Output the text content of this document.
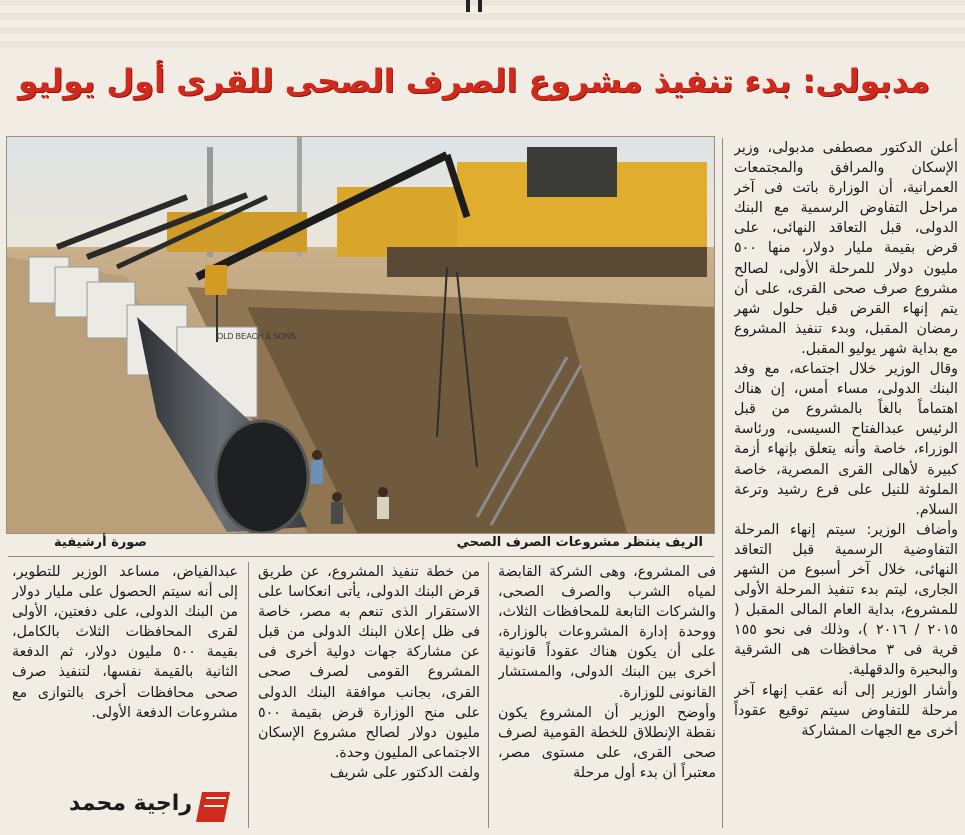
مدبولى: بدء تنفيذ مشروع الصرف الصحى للقرى أول يوليو

أعلن الدكتور مصطفى مدبولى، وزير الإسكان والمرافق والمجتمعات العمرانية، أن الوزارة باتت فى آخر مراحل التفاوض الرسمية مع البنك الدولى، قبل التعاقد النهائى، على قرض بقيمة مليار دولار، منها ٥٠٠ مليون دولار للمرحلة الأولى، لصالح مشروع صرف صحى القرى، على أن يتم إنهاء القرض قبل حلول شهر رمضان المقبل، وبدء تنفيذ المشروع مع بداية شهر يوليو المقبل.

وقال الوزير خلال اجتماعه، مع وفد البنك الدولى، مساء أمس، إن هناك اهتماماً بالغاً بالمشروع من قبل الرئيس عبدالفتاح السيسى، ورئاسة الوزراء، خاصة وأنه يتعلق بإنهاء أزمة كبيرة لأهالى القرى المصرية، خاصة الملوثة للنيل على فرع رشيد وترعة السلام.

وأضاف الوزير: سيتم إنهاء المرحلة التفاوضية الرسمية قبل التعاقد النهائى، خلال آخر أسبوع من الشهر الجارى، ليتم بدء تنفيذ المرحلة الأولى للمشروع، بداية العام المالى المقبل ( ٢٠١٥ / ٢٠١٦ )، وذلك فى نحو ١٥٥ قرية فى ٣ محافظات هى الشرقية والبحيرة والدقهلية.

وأشار الوزير إلى أنه عقب إنهاء آخر مرحلة للتفاوض سيتم توقيع عقوداً أخرى مع الجهات المشاركة

OLD BEACH & SONS
الريف ينتظر مشروعات الصرف الصحي
صورة أرشيفية

فى المشروع، وهى الشركة القابضة لمياه الشرب والصرف الصحى، والشركات التابعة للمحافظات الثلاث، ووحدة إدارة المشروعات بالوزارة، على أن يكون هناك عقوداً قانونية أخرى بين البنك الدولى، والمستشار القانونى للوزارة.

وأوضح الوزير أن المشروع يكون نقطة الإنطلاق للخطة القومية لصرف صحى القرى، على مستوى مصر، معتبراً أن بدء أول مرحلة

من خطة تنفيذ المشروع، عن طريق قرض البنك الدولى، يأتى انعكاسا على الاستقرار الذى تنعم به مصر، خاصة فى ظل إعلان البنك الدولى من قبل عن مشاركة جهات دولية أخرى فى المشروع القومى لصرف صحى القرى، بجانب موافقة البنك الدولى على منح الوزارة قرض بقيمة ٥٠٠ مليون دولار لصالح مشروع الإسكان الاجتماعى المليون وحدة.

ولفت الدكتور على شريف

عبدالفياض، مساعد الوزير للتطوير، إلى أنه سيتم الحصول على مليار دولار من البنك الدولى، على دفعتين، الأولى لقرى المحافظات الثلاث بالكامل، بقيمة ٥٠٠ مليون دولار، ثم الدفعة الثانية بالقيمة نفسها، لتنفيذ صرف صحى محافظات أخرى بالتوازى مع مشروعات الدفعة الأولى.

راجية محمد
